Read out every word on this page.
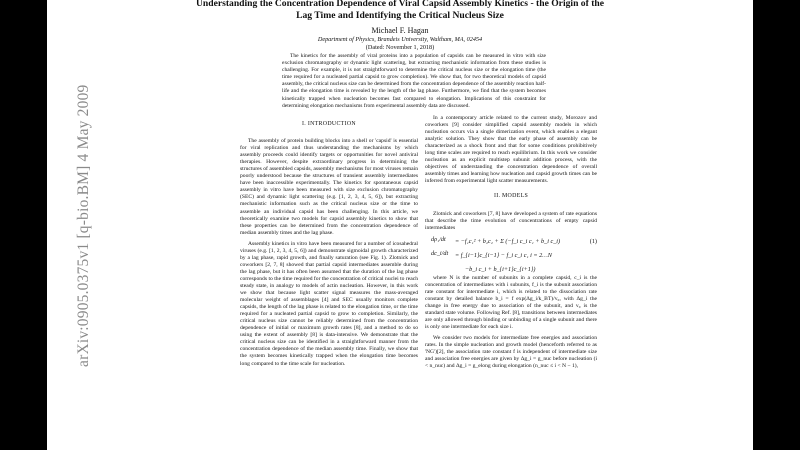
arXiv:0905.0375v1 [q-bio.BM] 4 May 2009
Understanding the Concentration Dependence of Viral Capsid Assembly Kinetics - the Origin of the Lag Time and Identifying the Critical Nucleus Size
Michael F. Hagan
Department of Physics, Brandeis University, Waltham, MA, 02454
(Dated: November 1, 2018)
The kinetics for the assembly of viral proteins into a population of capsids can be measured in vitro with size exclusion chromatography or dynamic light scattering, but extracting mechanistic information from these studies is challenging. For example, it is not straightforward to determine the critical nucleus size or the elongation time (the time required for a nucleated partial capsid to grow completion). We show that, for two theoretical models of capsid assembly, the critical nucleus size can be determined from the concentration dependence of the assembly reaction half-life and the elongation time is revealed by the length of the lag phase. Furthermore, we find that the system becomes kinetically trapped when nucleation becomes fast compared to elongation. Implications of this constraint for determining elongation mechanisms from experimental assembly data are discussed.
I. INTRODUCTION

The assembly of protein building blocks into a shell or 'capsid' is essential for viral replication and thus understanding the mechanisms by which assembly proceeds could identify targets or opportunities for novel antiviral therapies. However, despite extraordinary progress in determining the structures of assembled capsids, assembly mechanisms for most viruses remain poorly understood because the structures of transient assembly intermediates have been inaccessible experimentally. The kinetics for spontaneous capsid assembly in vitro have been measured with size exclusion chromatography (SEC) and dynamic light scattering (e.g. [1, 2, 3, 4, 5, 6]), but extracting mechanistic information such as the critical nucleus size or the time to assemble an individual capsid has been challenging. In this article, we theoretically examine two models for capsid assembly kinetics to show that these properties can be determined from the concentration dependence of median assembly times and the lag phase.

Assembly kinetics in vitro have been measured for a number of icosahedral viruses (e.g. [1, 2, 3, 4, 5, 6]) and demonstrate sigmoidal growth characterized by a lag phase, rapid growth, and finally saturation (see Fig. 1). Zlotnick and coworkers [2, 7, 8] showed that partial capsid intermediates assemble during the lag phase, but it has often been assumed that the duration of the lag phase corresponds to the time required for the concentration of critical nuclei to reach steady state, in analogy to models of actin nucleation. However, in this work we show that because light scatter signal measures the mass-averaged molecular weight of assemblages [4] and SEC usually monitors complete capsids, the length of the lag phase is related to the elongation time, or the time required for a nucleated partial capsid to grow to completion. Similarly, the critical nucleus size cannot be reliably determined from the concentration dependence of initial or maximum growth rates [8], and a method to do so using the extent of assembly [8] is data-intensive. We demonstrate that the critical nucleus size can be identified in a straightforward manner from the concentration dependence of the median assembly time. Finally, we show that the system becomes kinetically trapped when the elongation time becomes long compared to the time scale for nucleation.

In a contemporary article related to the current study, Morozov and coworkers [9] consider simplified capsid assembly models in which nucleation occurs via a single dimerization event, which enables a elegant analytic solution. They show that the early phase of assembly can be characterized as a shock front and that for some conditions prohibitively long time scales are required to reach equilibrium. In this work we consider nucleation as an explicit multistep subunit addition process, with the objectives of understanding the concentration dependence of overall assembly times and learning how nucleation and capsid growth times can be inferred from experimental light scatter measurements.

II. MODELS

Zlotnick and coworkers [7, 8] have developed a system of rate equations that describe the time evolution of concentrations of empty capsid intermediates

dρ₁/dt = −f₁c₁² + b₂c₂ + Σ (−f_i c_i c₁ + b_i c_i)	(1)
dc_i/dt = f_{i−1}c_{i−1} − f_i c_i c₁ i = 2…N
−b_i c_i + b_{i+1}c_{i+1})

where N is the number of subunits in a complete capsid, c_i is the concentration of intermediates with i subunits, f_i is the subunit association rate constant for intermediate i, which is related to the dissociation rate constant by detailed balance b_i = f exp(Δg_i/k_BT)/v₀, with Δg_i the change in free energy due to association of the subunit, and v₀ is the standard state volume. Following Ref. [8], transitions between intermediates are only allowed through binding or unbinding of a single subunit and there is only one intermediate for each size i.

We consider two models for intermediate free energies and association rates. In the simple nucleation and growth model (henceforth referred to as 'NG')[2], the association rate constant f is independent of intermediate size and association free energies are given by Δg_i = g_nuc before nucleation (i < n_nuc) and Δg_i = g_elong during elongation (n_nuc ≤ i < N − 1),
